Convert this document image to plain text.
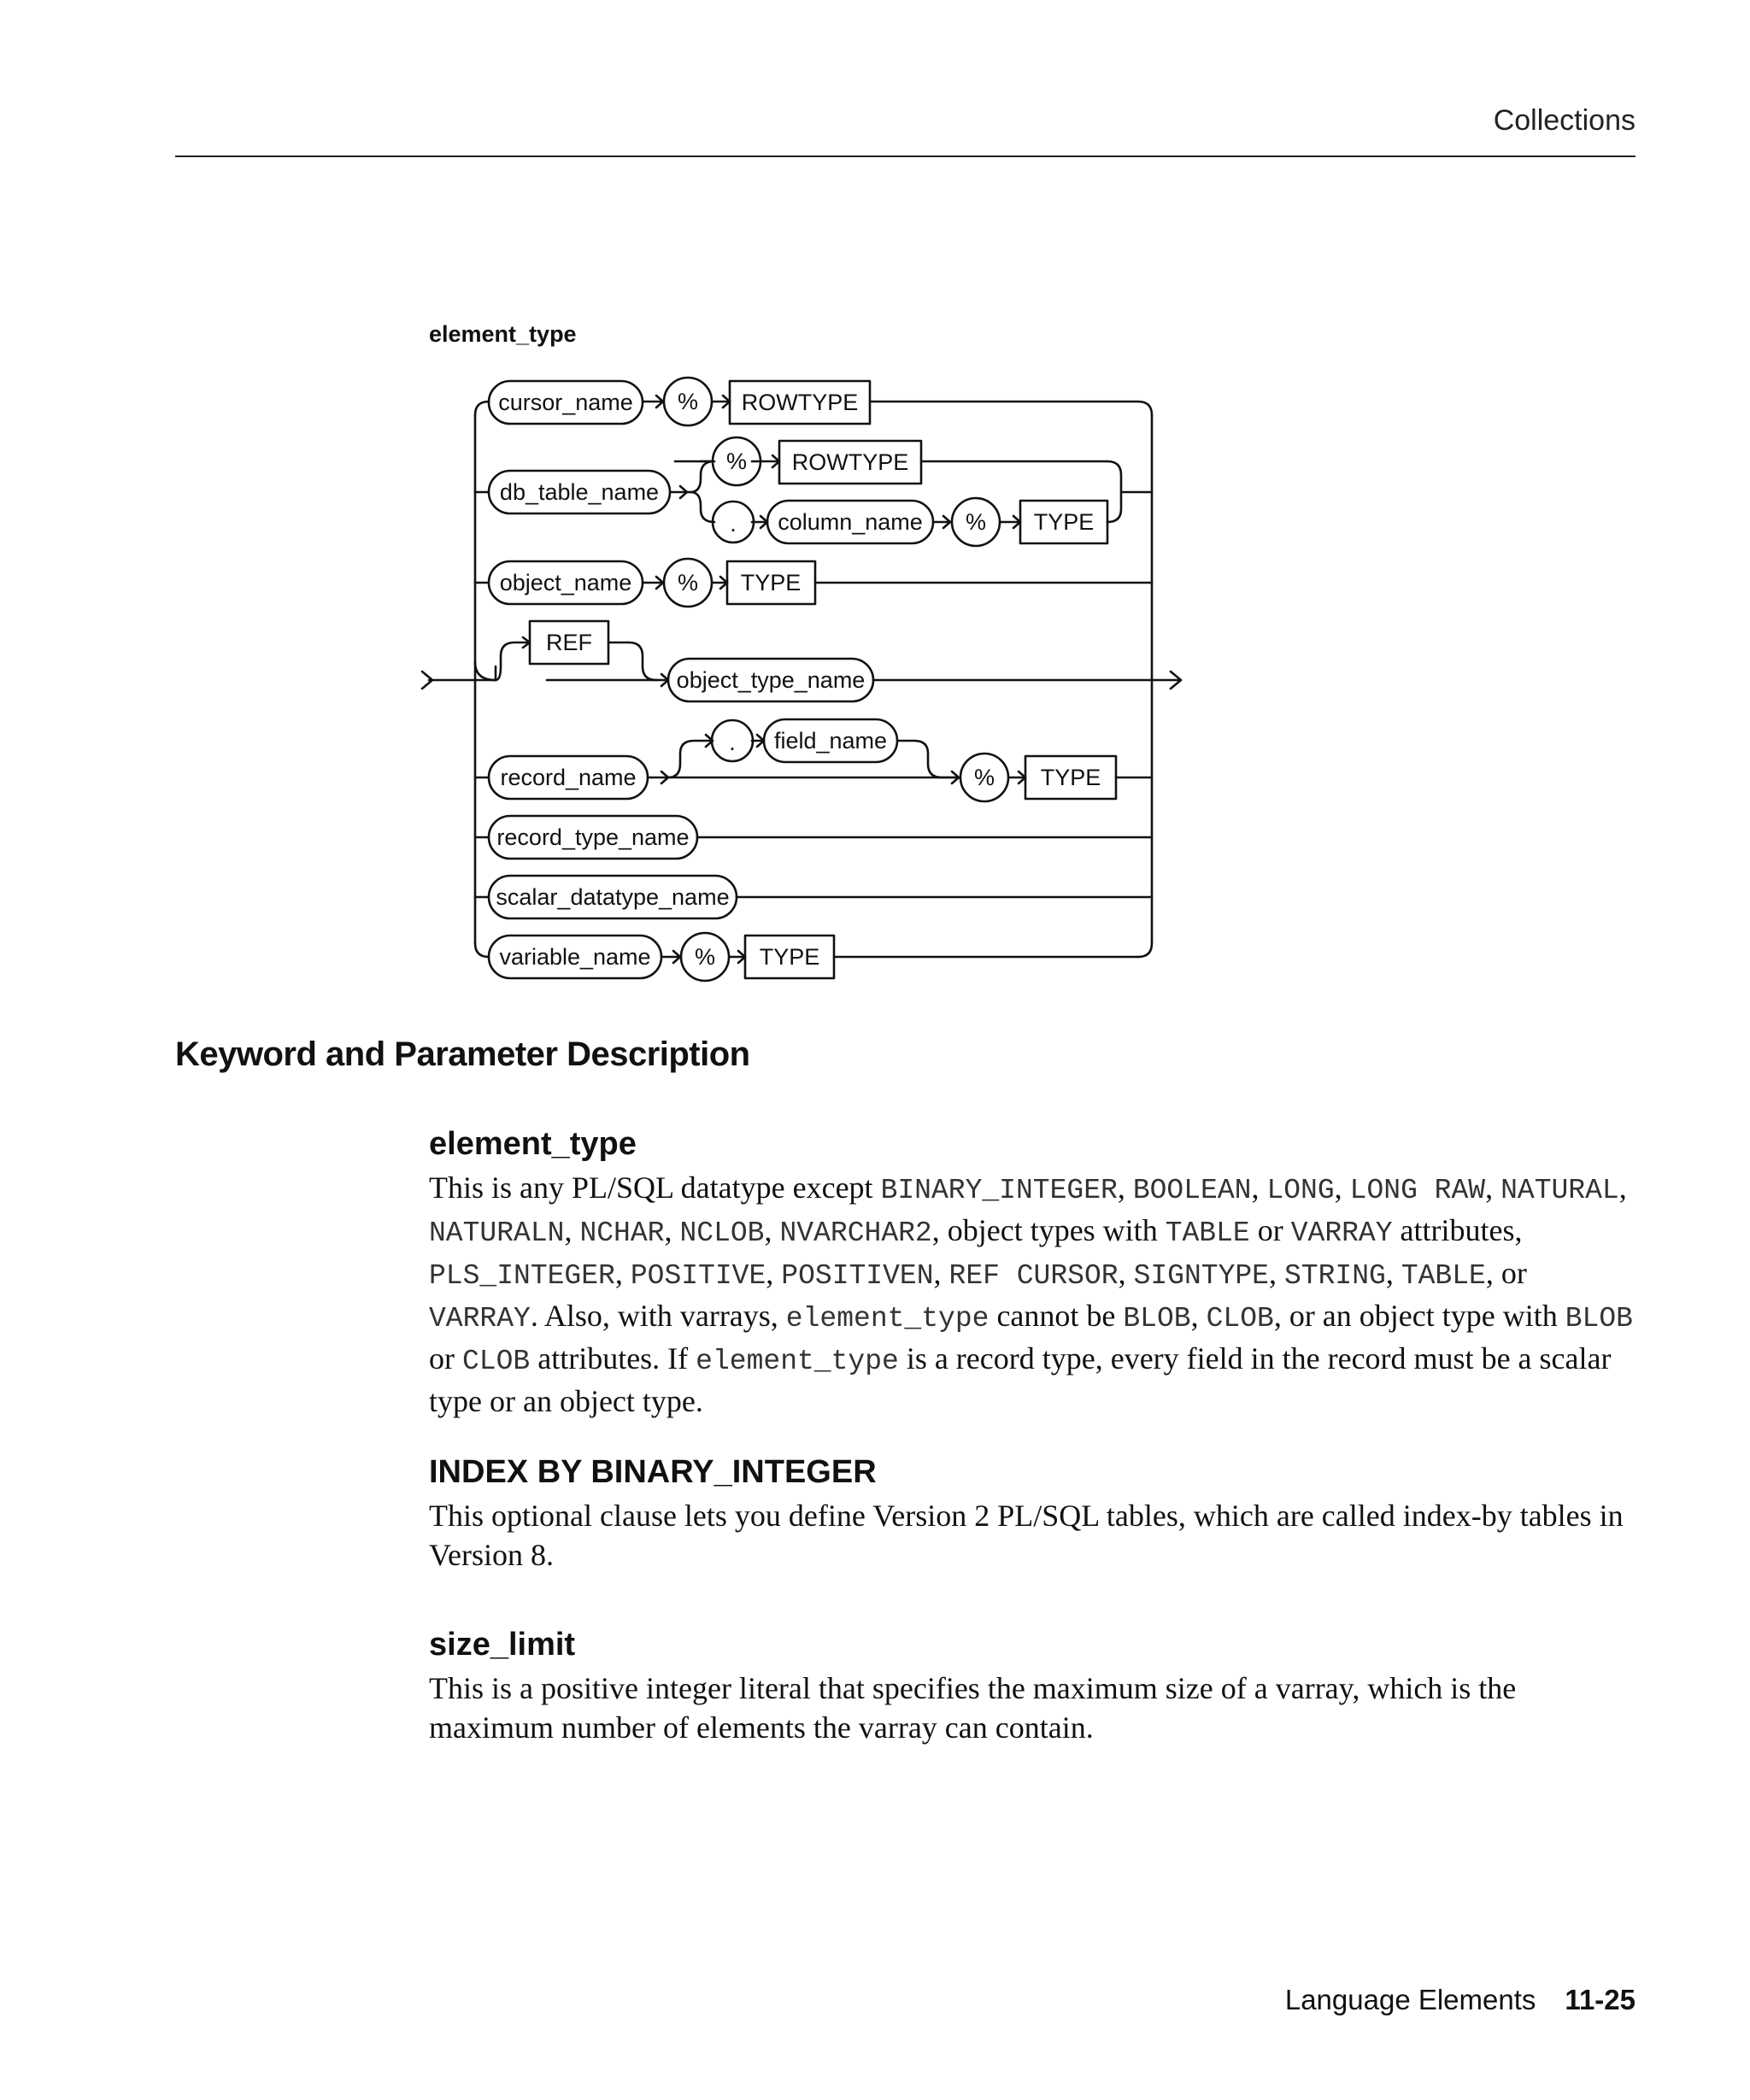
Collections
element_type
cursor_name % ROWTYPE
db_table_name
% ROWTYPE
. column_name % TYPE
object_name % TYPE
REF
object_type_name
. field_name
record_name	% TYPE
record_type_name
scalar_datatype_name
variable_name % TYPE
Keyword and Parameter Description
element_type

This is any PL/SQL datatype except BINARY_INTEGER, BOOLEAN, LONG, LONG RAW, NATURAL, NATURALN, NCHAR, NCLOB, NVARCHAR2, object types with TABLE or VARRAY attributes, PLS_INTEGER, POSITIVE, POSITIVEN, REF CURSOR, SIGNTYPE, STRING, TABLE, or VARRAY. Also, with varrays, element_type cannot be BLOB, CLOB, or an object type with BLOB or CLOB attributes. If element_type is a record type, every field in the record must be a scalar type or an object type.

INDEX BY BINARY_INTEGER

This optional clause lets you define Version 2 PL/SQL tables, which are called index-by tables in Version 8.

size_limit

This is a positive integer literal that specifies the maximum size of a varray, which is the maximum number of elements the varray can contain.

Language Elements 11-25
